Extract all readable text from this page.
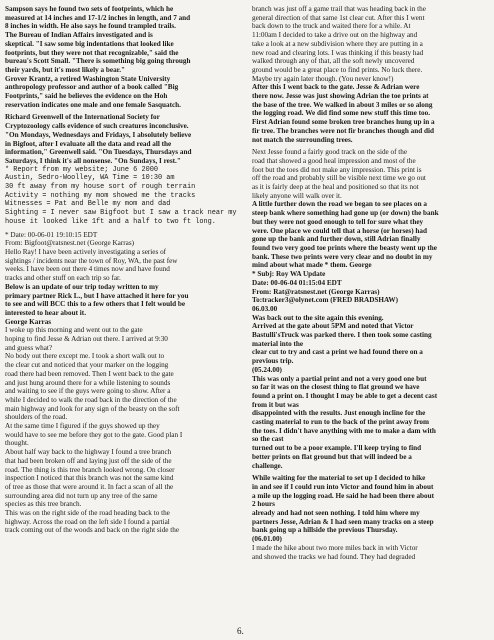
Sampson says he found two sets of footprints, which he
measured at 14 inches and 17-1/2 inches in length, and 7 and
8 inches in width. He also says he found trampled trails.

The Bureau of Indian Affairs investigated and is
skeptical. "I saw some big indentations that looked like
footprints, but they were not that recognizable," said the
bureau's Scott Small. "There is something big going through
their yards, but it's most likely a bear."

Grover Krantz, a retired Washington State University
anthropology professor and author of a book called "Big
Footprints," said he believes the evidence on the Hoh
reservation indicates one male and one female Sasquatch.

Richard Greenwell of the International Society for
Cryptozoology calls evidence of such creatures inconclusive.
"On Mondays, Wednesdays and Fridays, I absolutely believe
in Bigfoot, after I evaluate all the data and read all the
information," Greenwell said. "On Tuesdays, Thursdays and
Saturdays, I think it's all nonsense. "On Sundays, I rest."

* Report from my website; June 6 2000
Austin, Sedro-Woolley, WA Time = 10:30 am
30 ft away from my house sort of rough terrain
Activity = nothing my mom showed me the tracks
Witnesses = Pat and Belle my mom and dad
Sighting = I never saw Bigfoot but I saw a track near my
house it looked like 1ft and a half to two ft long.

* Date: 00-06-01 19:10:15 EDT
From: Bigfoot@ratsnest.net (George Karras)
Hello Ray! I have been actively investigating a series of
sightings / incidents near the town of Roy, WA, the past few
weeks. I have been out there 4 times now and have found
tracks and other stuff on each trip so far.

Below is an update of our trip today written to my
primary partner Rick L., but I have attached it here for you
to see and will BCC this to a few others that I felt would be
interested to hear about it.
George Karras

I woke up this morning and went out to the gate
hoping to find Jesse & Adrian out there. I arrived at 9:30
and guess what?

No body out there except me. I took a short walk out to
the clear cut and noticed that your marker on the logging
road there had been removed. Then I went back to the gate
and just hung around there for a while listening to sounds
and waiting to see if the guys were going to show. After a
while I decided to walk the road back in the direction of the
main highway and look for any sign of the beasty on the soft
shoulders of the road.

At the same time I figured if the guys showed up they
would have to see me before they got to the gate. Good plan I
thought.

About half way back to the highway I found a tree branch
that had been broken off and laying just off the side of the
road. The thing is this tree branch looked wrong. On closer
inspection I noticed that this branch was not the same kind
of tree as those that were around it. In fact a scan of all the
surrounding area did not turn up any tree of the same
species as this tree branch.

This was on the right side of the road heading back to the
highway. Across the road on the left side I found a partial
track coming out of the woods and back on the right side the

branch was just off a game trail that was heading back in the
general direction of that same 1st clear cut. After this I went
back down to the truck and waited there for a while. At
11:00am I decided to take a drive out on the highway and
take a look at a new subdivision where they are putting in a
new road and clearing lots. I was thinking if this beasty had
walked through any of that, all the soft newly uncovered
ground would be a great place to find prints. No luck there.
Maybe try again later though. (You never know!)

After this I went back to the gate. Jesse & Adrian were
there now. Jesse was just showing Adrian the toe prints at
the base of the tree. We walked in about 3 miles or so along
the logging road. We did find some new stuff this time too.
First Adrian found some broken tree branches hung up in a
fir tree. The branches were not fir branches though and did
not match the surrounding trees.

Next Jesse found a fairly good track on the side of the
road that showed a good heal impression and most of the
foot but the toes did not make any impression. This print is
off the road and probably still be visible next time we go out
as it is fairly deep at the heal and positioned so that its not
likely anyone will walk over it.

A little further down the road we began to see places on a
steep bank where something had gone up (or down) the bank
but they were not good enough to tell for sure what they
were. One place we could tell that a horse (or horses) had
gone up the bank and further down, still Adrian finally
found two very good toe prints where the beasty went up the
bank. These two prints were very clear and no doubt in my
mind about what made * them. George

* Subj: Roy WA Update
Date: 00-06-04 01:15:04 EDT
From: Rat@ratsnest.net (George Karras)
To:tracker3@olynet.com (FRED BRADSHAW)
06.03.00

Was back out to the site again this evening.
Arrived at the gate about 5PM and noted that Victor
Bastulli'sTruck was parked there. I then took some casting
material into the
clear cut to try and cast a print we had found there on a
previous trip.
(05.24.00)

This was only a partial print and not a very good one but
so far it was on the closest thing to flat ground we have
found a print on. I thought I may be able to get a decent cast
from it but was
disappointed with the results. Just enough incline for the
casting material to run to the back of the print away from
the toes. I didn't have anything with me to make a dam with
so the cast
turned out to be a poor example. I'll keep trying to find
better prints on flat ground but that will indeed be a
challenge.

While waiting for the material to set up I decided to hike
in and see if I could run into Victor and found him in about
a mile up the logging road. He said he had been there about
2 hours
already and had not seen nothing. I told him where my
partners Jesse, Adrian & I had seen many tracks on a steep
bank going up a hillside the previous Thursday.
(06.01.00)

I made the hike about two more miles back in with Victor
and showed the tracks we had found. They had degraded

6.
